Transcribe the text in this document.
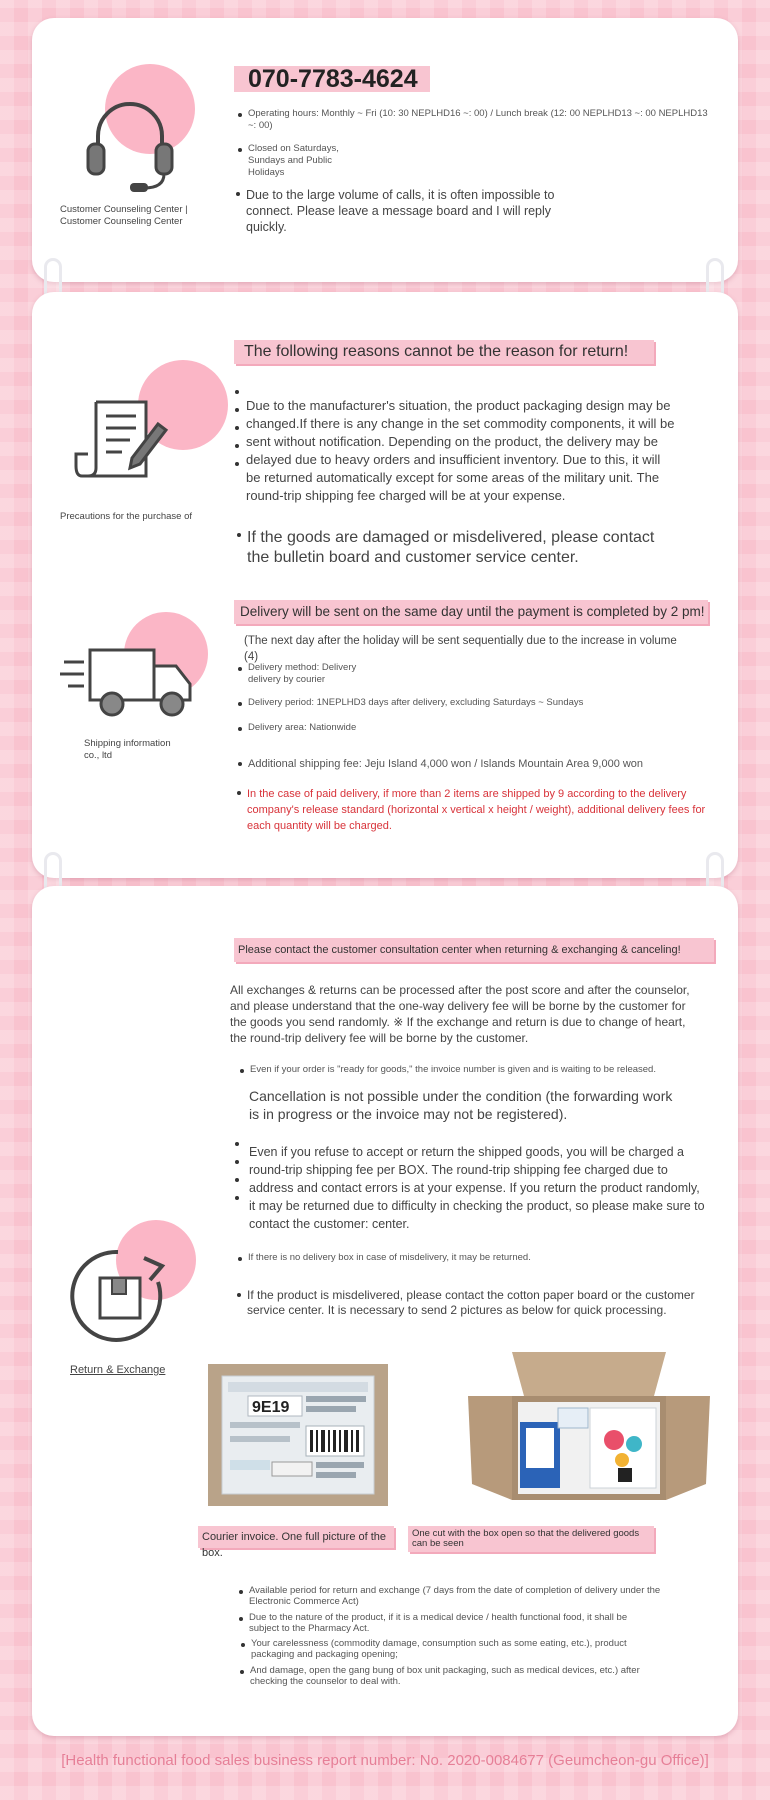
Customer Counseling Center | Customer Counseling Center
070-7783-4624
Operating hours: Monthly ~ Fri (10: 30 NEPLHD16 ~: 00) / Lunch break (12: 00 NEPLHD13 ~: 00 NEPLHD13 ~: 00)
Closed on Saturdays, Sundays and Public Holidays
Due to the large volume of calls, it is often impossible to connect. Please leave a message board and I will reply quickly.
Precautions for the purchase of
The following reasons cannot be the reason for return!
Due to the manufacturer's situation, the product packaging design may be changed.If there is any change in the set commodity components, it will be sent without notification. Depending on the product, the delivery may be delayed due to heavy orders and insufficient inventory. Due to this, it will be returned automatically except for some areas of the military unit. The round-trip shipping fee charged will be at your expense.
If the goods are damaged or misdelivered, please contact the bulletin board and customer service center.
Shipping information co., ltd
Delivery will be sent on the same day until the payment is completed by 2 pm!
(The next day after the holiday will be sent sequentially due to the increase in volume (4)
Delivery method: Delivery delivery by courier
Delivery period: 1NEPLHD3 days after delivery, excluding Saturdays ~ Sundays
Delivery area: Nationwide
Additional shipping fee: Jeju Island 4,000 won / Islands Mountain Area 9,000 won
In the case of paid delivery, if more than 2 items are shipped by 9 according to the delivery company's release standard (horizontal x vertical x height / weight), additional delivery fees for each quantity will be charged.
Please contact the customer consultation center when returning & exchanging & canceling!
All exchanges & returns can be processed after the post score and after the counselor, and please understand that the one-way delivery fee will be borne by the customer for the goods you send randomly. ※ If the exchange and return is due to change of heart, the round-trip delivery fee will be borne by the customer.
Even if your order is "ready for goods," the invoice number is given and is waiting to be released.
Cancellation is not possible under the condition (the forwarding work is in progress or the invoice may not be registered).
Even if you refuse to accept or return the shipped goods, you will be charged a round-trip shipping fee per BOX. The round-trip shipping fee charged due to address and contact errors is at your expense. If you return the product randomly, it may be returned due to difficulty in checking the product, so please make sure to contact the customer: center.
If there is no delivery box in case of misdelivery, it may be returned.
If the product is misdelivered, please contact the cotton paper board or the customer service center. It is necessary to send 2 pictures as below for quick processing.
Return & Exchange
9E19
Courier invoice. One full picture of the box.
One cut with the box open so that the delivered goods can be seen
Available period for return and exchange (7 days from the date of completion of delivery under the Electronic Commerce Act)
Due to the nature of the product, if it is a medical device / health functional food, it shall be subject to the Pharmacy Act.
Your carelessness (commodity damage, consumption such as some eating, etc.), product packaging and packaging opening;
And damage, open the gang bung of box unit packaging, such as medical devices, etc.) after checking the counselor to deal with.
[Health functional food sales business report number: No. 2020-0084677 (Geumcheon-gu Office)]
